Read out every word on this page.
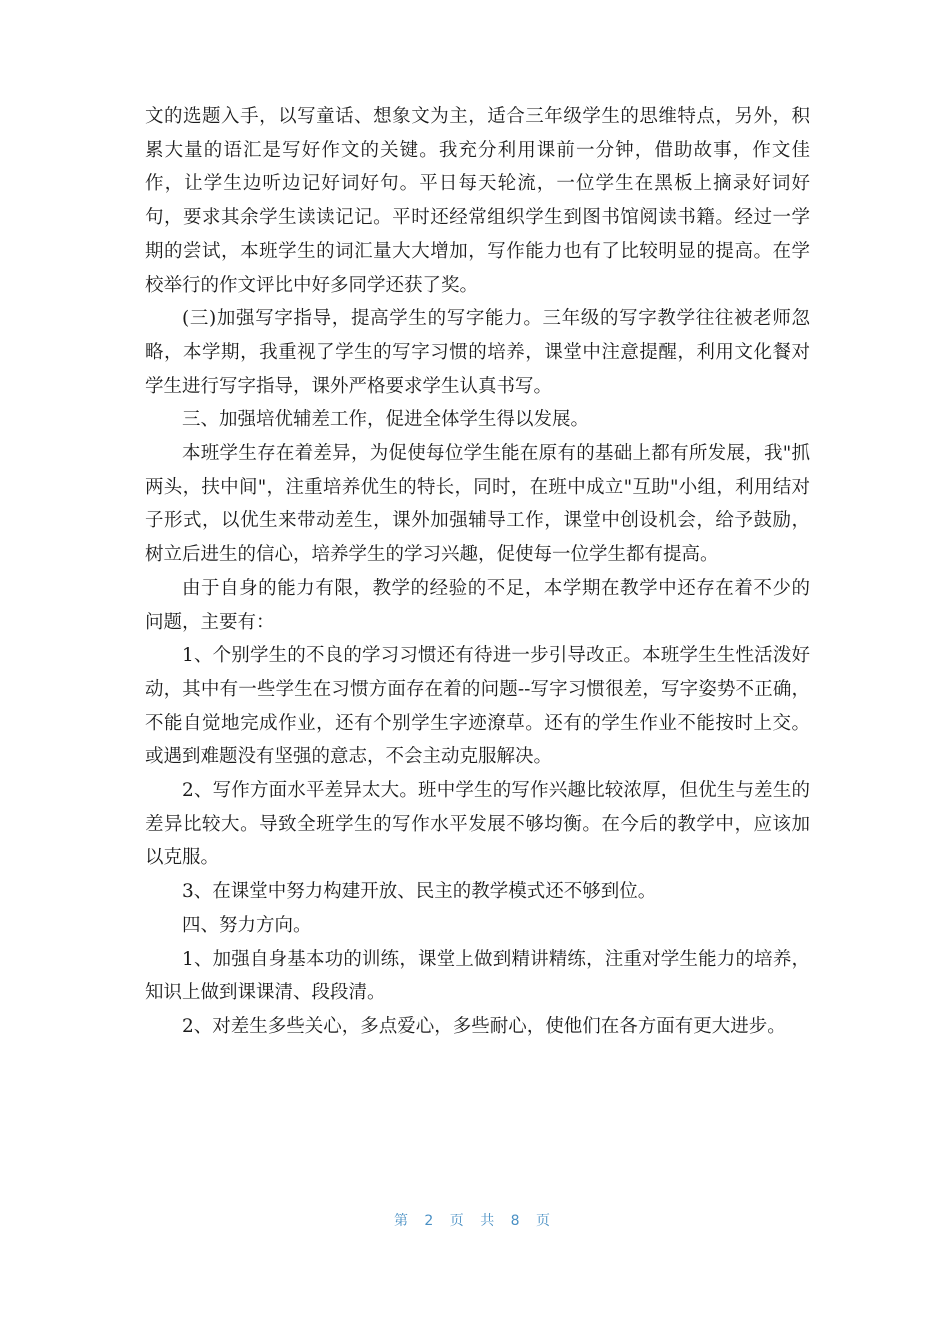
文的选题入手，以写童话、想象文为主，适合三年级学生的思维特点，另外，积累大量的语汇是写好作文的关键。我充分利用课前一分钟，借助故事，作文佳作，让学生边听边记好词好句。平日每天轮流，一位学生在黑板上摘录好词好句，要求其余学生读读记记。平时还经常组织学生到图书馆阅读书籍。经过一学期的尝试，本班学生的词汇量大大增加，写作能力也有了比较明显的提高。在学校举行的作文评比中好多同学还获了奖。

(三)加强写字指导，提高学生的写字能力。三年级的写字教学往往被老师忽略，本学期，我重视了学生的写字习惯的培养，课堂中注意提醒，利用文化餐对学生进行写字指导，课外严格要求学生认真书写。

三、加强培优辅差工作，促进全体学生得以发展。

本班学生存在着差异，为促使每位学生能在原有的基础上都有所发展，我"抓两头，扶中间"，注重培养优生的特长，同时，在班中成立"互助"小组，利用结对子形式，以优生来带动差生，课外加强辅导工作，课堂中创设机会，给予鼓励，树立后进生的信心，培养学生的学习兴趣，促使每一位学生都有提高。

由于自身的能力有限，教学的经验的不足，本学期在教学中还存在着不少的问题，主要有：

1、个别学生的不良的学习习惯还有待进一步引导改正。本班学生生性活泼好动，其中有一些学生在习惯方面存在着的问题--写字习惯很差，写字姿势不正确，不能自觉地完成作业，还有个别学生字迹潦草。还有的学生作业不能按时上交。或遇到难题没有坚强的意志，不会主动克服解决。

2、写作方面水平差异太大。班中学生的写作兴趣比较浓厚，但优生与差生的差异比较大。导致全班学生的写作水平发展不够均衡。在今后的教学中，应该加以克服。

3、在课堂中努力构建开放、民主的教学模式还不够到位。

四、努力方向。

1、加强自身基本功的训练，课堂上做到精讲精练，注重对学生能力的培养，知识上做到课课清、段段清。

2、对差生多些关心，多点爱心，多些耐心，使他们在各方面有更大进步。

第 2 页 共 8 页
